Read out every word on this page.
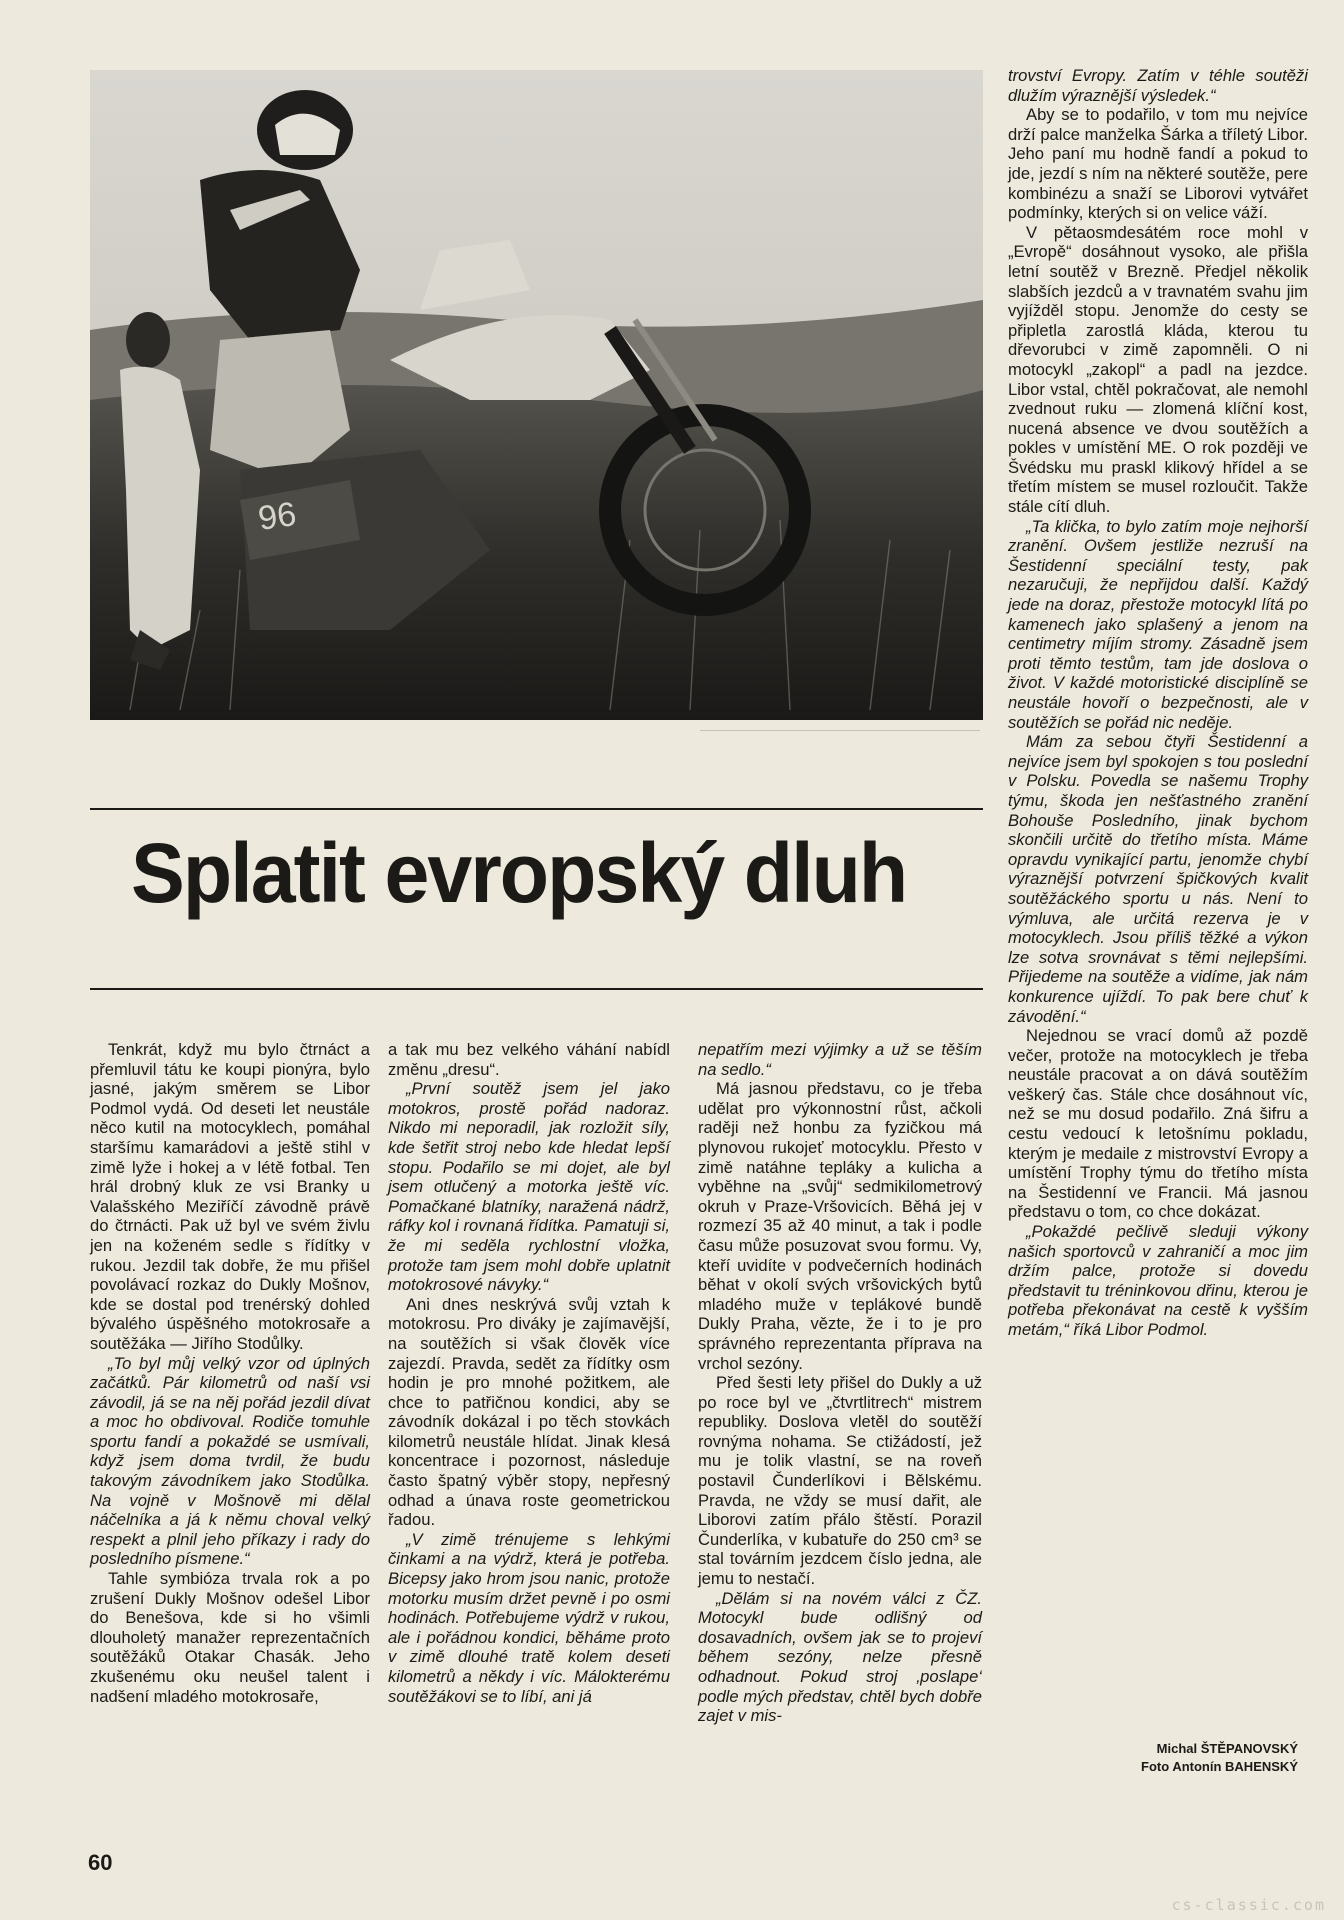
96

trovství Evropy. Zatím v téhle soutěži dlužím výraznější výsledek.“

Aby se to podařilo, v tom mu nejvíce drží palce manželka Šárka a tříletý Libor. Jeho paní mu hodně fandí a pokud to jde, jezdí s ním na některé soutěže, pere kombinézu a snaží se Liborovi vytvářet podmínky, kterých si on velice váží.

V pětaosmdesátém roce mohl v „Evropě“ dosáhnout vysoko, ale přišla letní soutěž v Brezně. Předjel několik slabších jezdců a v travnatém svahu jim vyjížděl stopu. Jenomže do cesty se připletla zarostlá kláda, kterou tu dřevorubci v zimě zapomněli. O ni motocykl „zakopl“ a padl na jezdce. Libor vstal, chtěl pokračovat, ale nemohl zvednout ruku — zlomená klíční kost, nucená absence ve dvou soutěžích a pokles v umístění ME. O rok později ve Švédsku mu praskl klikový hřídel a se třetím místem se musel rozloučit. Takže stále cítí dluh.

„Ta klička, to bylo zatím moje nejhorší zranění. Ovšem jestliže nezruší na Šestidenní speciální testy, pak nezaručuji, že nepřijdou další. Každý jede na doraz, přestože motocykl lítá po kamenech jako splašený a jenom na centimetry míjím stromy. Zásadně jsem proti těmto testům, tam jde doslova o život. V každé motoristické disciplíně se neustále hovoří o bezpečnosti, ale v soutěžích se pořád nic neděje.

Mám za sebou čtyři Šestidenní a nejvíce jsem byl spokojen s tou poslední v Polsku. Povedla se našemu Trophy týmu, škoda jen nešťastného zranění Bohouše Posledního, jinak bychom skončili určitě do třetího místa. Máme opravdu vynikající partu, jenomže chybí výraznější potvrzení špičkových kvalit soutěžáckého sportu u nás. Není to výmluva, ale určitá rezerva je v motocyklech. Jsou příliš těžké a výkon lze sotva srovnávat s těmi nejlepšími. Přijedeme na soutěže a vidíme, jak nám konkurence ujíždí. To pak bere chuť k závodění.“

Nejednou se vrací domů až pozdě večer, protože na motocyklech je třeba neustále pracovat a on dává soutěžím veškerý čas. Stále chce dosáhnout víc, než se mu dosud podařilo. Zná šifru a cestu vedoucí k letošnímu pokladu, kterým je medaile z mistrovství Evropy a umístění Trophy týmu do třetího místa na Šestidenní ve Francii. Má jasnou představu o tom, co chce dokázat.

„Pokaždé pečlivě sleduji výkony našich sportovců v zahraničí a moc jim držím palce, protože si dovedu představit tu tréninkovou dřinu, kterou je potřeba překonávat na cestě k vyšším metám,“ říká Libor Podmol.

Splatit evropský dluh

Tenkrát, když mu bylo čtrnáct a přemluvil tátu ke koupi pionýra, bylo jasné, jakým směrem se Libor Podmol vydá. Od deseti let neustále něco kutil na motocyklech, pomáhal staršímu kamarádovi a ještě stihl v zimě lyže i hokej a v létě fotbal. Ten hrál drobný kluk ze vsi Branky u Valašského Meziříčí závodně právě do čtrnácti. Pak už byl ve svém živlu jen na koženém sedle s řídítky v rukou. Jezdil tak dobře, že mu přišel povolávací rozkaz do Dukly Mošnov, kde se dostal pod trenérský dohled bývalého úspěšného motokrosaře a soutěžáka — Jiřího Stodůlky.

„To byl můj velký vzor od úplných začátků. Pár kilometrů od naší vsi závodil, já se na něj pořád jezdil dívat a moc ho obdivoval. Rodiče tomuhle sportu fandí a pokaždé se usmívali, když jsem doma tvrdil, že budu takovým závodníkem jako Stodůlka. Na vojně v Mošnově mi dělal náčelníka a já k němu choval velký respekt a plnil jeho příkazy i rady do posledního písmene.“

Tahle symbióza trvala rok a po zrušení Dukly Mošnov odešel Libor do Benešova, kde si ho všimli dlouholetý manažer reprezentačních soutěžáků Otakar Chasák. Jeho zkušenému oku neušel talent i nadšení mladého motokrosaře,

a tak mu bez velkého váhání nabídl změnu „dresu“.

„První soutěž jsem jel jako motokros, prostě pořád nadoraz. Nikdo mi neporadil, jak rozložit síly, kde šetřit stroj nebo kde hledat lepší stopu. Podařilo se mi dojet, ale byl jsem otlučený a motorka ještě víc. Pomačkané blatníky, naražená nádrž, ráfky kol i rovnaná řídítka. Pamatuji si, že mi seděla rychlostní vložka, protože tam jsem mohl dobře uplatnit motokrosové návyky.“

Ani dnes neskrývá svůj vztah k motokrosu. Pro diváky je zajímavější, na soutěžích si však člověk více zajezdí. Pravda, sedět za řídítky osm hodin je pro mnohé požitkem, ale chce to patřičnou kondici, aby se závodník dokázal i po těch stovkách kilometrů neustále hlídat. Jinak klesá koncentrace i pozornost, následuje často špatný výběr stopy, nepřesný odhad a únava roste geometrickou řadou.

„V zimě trénujeme s lehkými činkami a na výdrž, která je potřeba. Bicepsy jako hrom jsou nanic, protože motorku musím držet pevně i po osmi hodinách. Potřebujeme výdrž v rukou, ale i pořádnou kondici, běháme proto v zimě dlouhé tratě kolem deseti kilometrů a někdy i víc. Málokterému soutěžákovi se to líbí, ani já

nepatřím mezi výjimky a už se těším na sedlo.“

Má jasnou představu, co je třeba udělat pro výkonnostní růst, ačkoli raději než honbu za fyzičkou má plynovou rukojeť motocyklu. Přesto v zimě natáhne tepláky a kulicha a vyběhne na „svůj“ sedmikilometrový okruh v Praze-Vršovicích. Běhá jej v rozmezí 35 až 40 minut, a tak i podle času může posuzovat svou formu. Vy, kteří uvidíte v podvečerních hodinách běhat v okolí svých vršovických bytů mladého muže v teplákové bundě Dukly Praha, vězte, že i to je pro správného reprezentanta příprava na vrchol sezóny.

Před šesti lety přišel do Dukly a už po roce byl ve „čtvrtlitrech“ mistrem republiky. Doslova vletěl do soutěží rovnýma nohama. Se ctižádostí, jež mu je tolik vlastní, se na roveň postavil Čunderlíkovi i Bělskému. Pravda, ne vždy se musí dařit, ale Liborovi zatím přálo štěstí. Porazil Čunderlíka, v kubatuře do 250 cm³ se stal továrním jezdcem číslo jedna, ale jemu to nestačí.

„Dělám si na novém válci z ČZ. Motocykl bude odlišný od dosavadních, ovšem jak se to projeví během sezóny, nelze přesně odhadnout. Pokud stroj ‚poslape‘ podle mých představ, chtěl bych dobře zajet v mis-

Michal ŠTĚPANOVSKÝ
Foto Antonín BAHENSKÝ
60
cs-classic.com
